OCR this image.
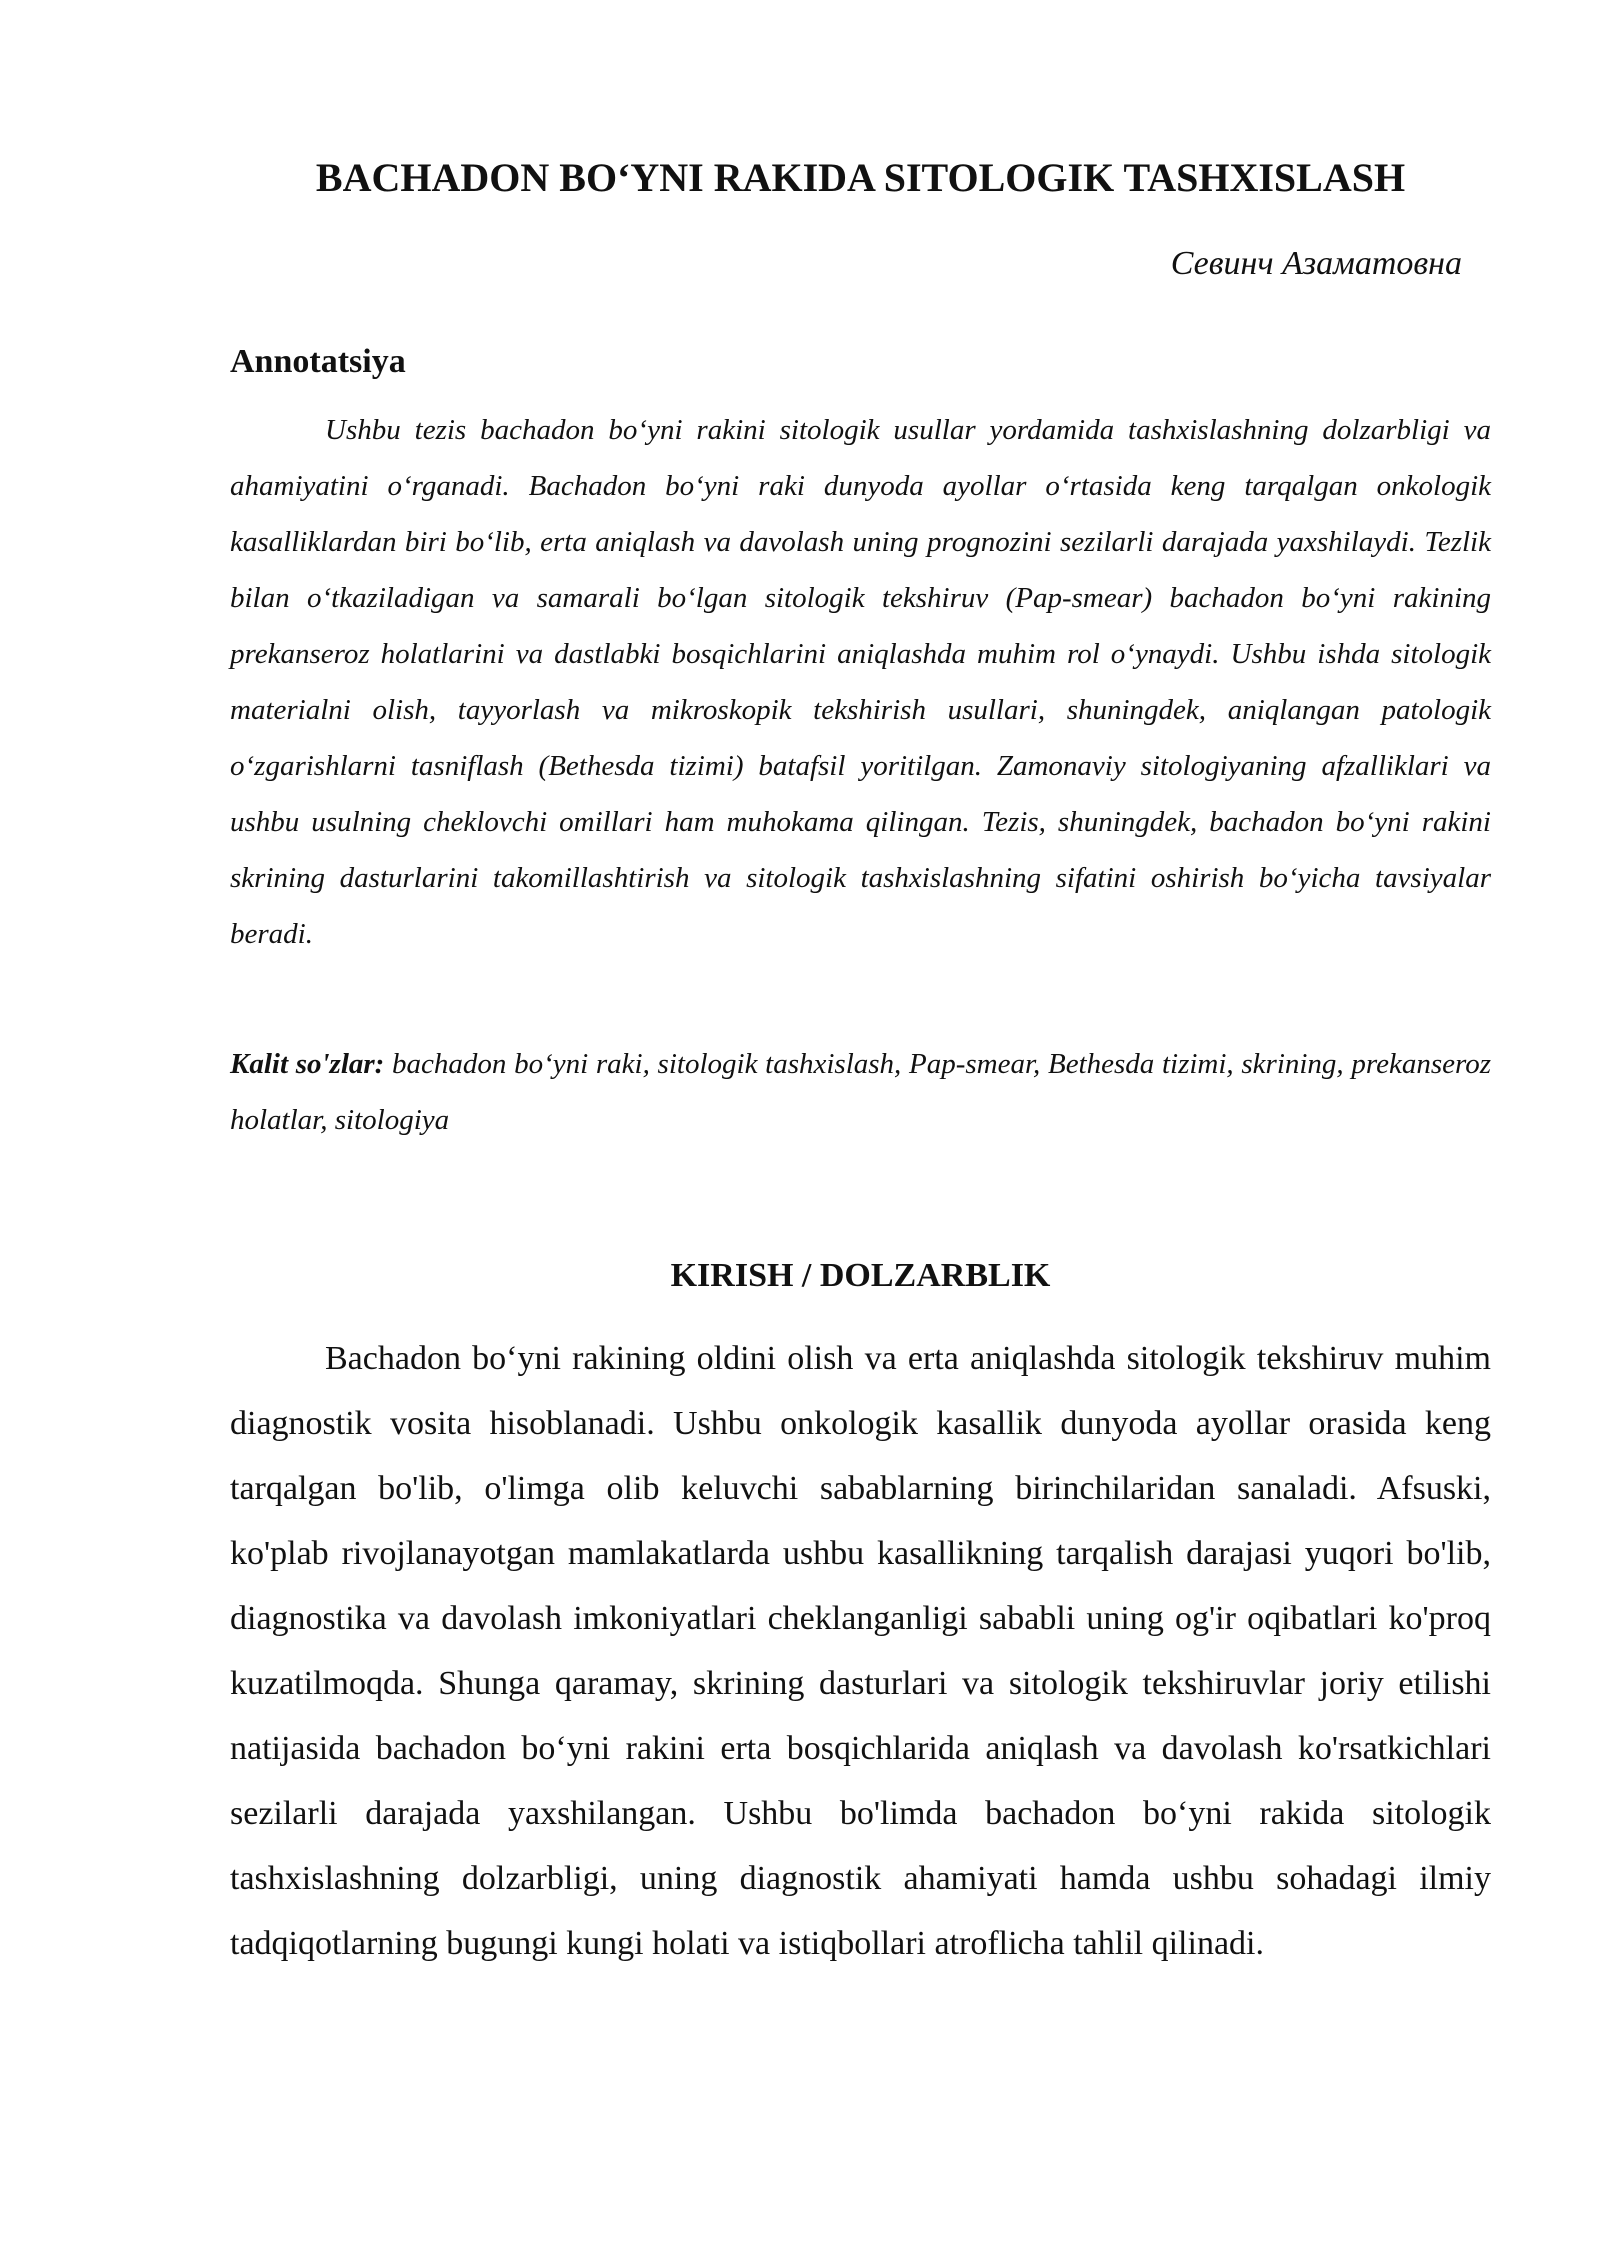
BACHADON BO‘YNI RAKIDA SITOLOGIK TASHXISLASH
Севинч Азаматовна
Annotatsiya

Ushbu tezis bachadon bo‘yni rakini sitologik usullar yordamida tashxislashning dolzarbligi va ahamiyatini o‘rganadi. Bachadon bo‘yni raki dunyoda ayollar o‘rtasida keng tarqalgan onkologik kasalliklardan biri bo‘lib, erta aniqlash va davolash uning prognozini sezilarli darajada yaxshilaydi. Tezlik bilan o‘tkaziladigan va samarali bo‘lgan sitologik tekshiruv (Pap-smear) bachadon bo‘yni rakining prekanseroz holatlarini va dastlabki bosqichlarini aniqlashda muhim rol o‘ynaydi. Ushbu ishda sitologik materialni olish, tayyorlash va mikroskopik tekshirish usullari, shuningdek, aniqlangan patologik o‘zgarishlarni tasniflash (Bethesda tizimi) batafsil yoritilgan. Zamonaviy sitologiyaning afzalliklari va ushbu usulning cheklovchi omillari ham muhokama qilingan. Tezis, shuningdek, bachadon bo‘yni rakini skrining dasturlarini takomillashtirish va sitologik tashxislashning sifatini oshirish bo‘yicha tavsiyalar beradi.

Kalit so'zlar: bachadon bo‘yni raki, sitologik tashxislash, Pap-smear, Bethesda tizimi, skrining, prekanseroz holatlar, sitologiya

KIRISH / DOLZARBLIK

Bachadon bo‘yni rakining oldini olish va erta aniqlashda sitologik tekshiruv muhim diagnostik vosita hisoblanadi. Ushbu onkologik kasallik dunyoda ayollar orasida keng tarqalgan bo'lib, o'limga olib keluvchi sabablarning birinchilaridan sanaladi. Afsuski, ko'plab rivojlanayotgan mamlakatlarda ushbu kasallikning tarqalish darajasi yuqori bo'lib, diagnostika va davolash imkoniyatlari cheklanganligi sababli uning og'ir oqibatlari ko'proq kuzatilmoqda. Shunga qaramay, skrining dasturlari va sitologik tekshiruvlar joriy etilishi natijasida bachadon bo‘yni rakini erta bosqichlarida aniqlash va davolash ko'rsatkichlari sezilarli darajada yaxshilangan. Ushbu bo'limda bachadon bo‘yni rakida sitologik tashxislashning dolzarbligi, uning diagnostik ahamiyati hamda ushbu sohadagi ilmiy tadqiqotlarning bugungi kungi holati va istiqbollari atroflicha tahlil qilinadi.
